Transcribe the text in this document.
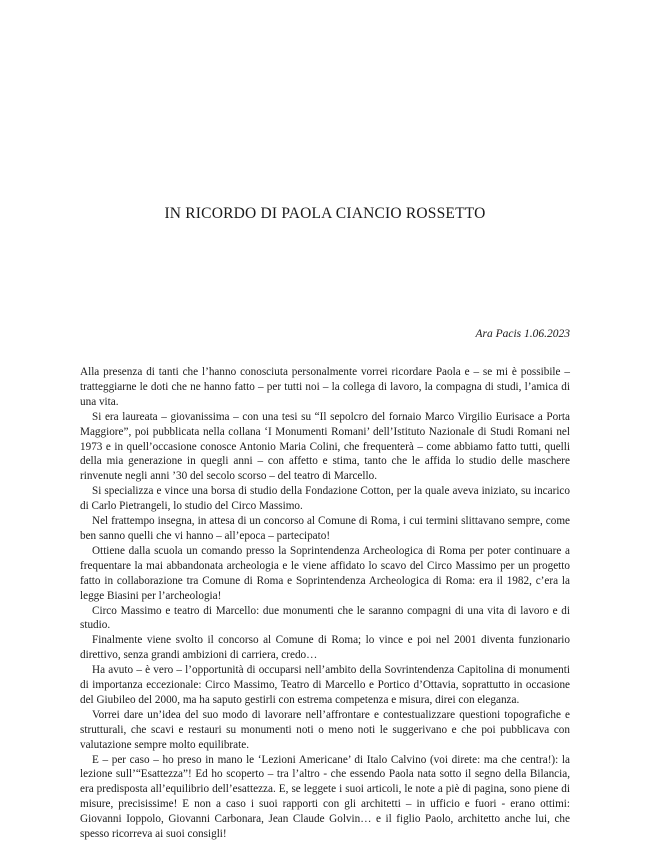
IN RICORDO DI PAOLA CIANCIO ROSSETTO

Ara Pacis 1.06.2023

Alla presenza di tanti che l’hanno conosciuta personalmente vorrei ricordare Paola e – se mi è possibile – tratteggiarne le doti che ne hanno fatto – per tutti noi – la collega di lavoro, la compagna di studi, l’amica di una vita.

Si era laureata – giovanissima – con una tesi su “Il sepolcro del fornaio Marco Virgilio Eurisace a Porta Maggiore”, poi pubblicata nella collana ‘I Monumenti Romani’ dell’Istituto Nazionale di Studi Romani nel 1973 e in quell’occasione conosce Antonio Maria Colini, che frequenterà – come abbiamo fatto tutti, quelli della mia generazione in quegli anni – con affetto e stima, tanto che le affida lo studio delle maschere rinvenute negli anni ’30 del secolo scorso – del teatro di Marcello.

Si specializza e vince una borsa di studio della Fondazione Cotton, per la quale aveva iniziato, su incarico di Carlo Pietrangeli, lo studio del Circo Massimo.

Nel frattempo insegna, in attesa di un concorso al Comune di Roma, i cui termini slittavano sempre, come ben sanno quelli che vi hanno – all’epoca – partecipato!

Ottiene dalla scuola un comando presso la Soprintendenza Archeologica di Roma per poter continuare a frequentare la mai abbandonata archeologia e le viene affidato lo scavo del Circo Massimo per un progetto fatto in collaborazione tra Comune di Roma e Soprintendenza Archeologica di Roma: era il 1982, c’era la legge Biasini per l’archeologia!

Circo Massimo e teatro di Marcello: due monumenti che le saranno compagni di una vita di lavoro e di studio.

Finalmente viene svolto il concorso al Comune di Roma; lo vince e poi nel 2001 diventa funzionario direttivo, senza grandi ambizioni di carriera, credo…

Ha avuto – è vero – l’opportunità di occuparsi nell’ambito della Sovrintendenza Capitolina di monumenti di importanza eccezionale: Circo Massimo, Teatro di Marcello e Portico d’Ottavia, soprattutto in occasione del Giubileo del 2000, ma ha saputo gestirli con estrema competenza e misura, direi con eleganza.

Vorrei dare un’idea del suo modo di lavorare nell’affrontare e contestualizzare questioni topografiche e strutturali, che scavi e restauri su monumenti noti o meno noti le suggerivano e che poi pubblicava con valutazione sempre molto equilibrate.

E – per caso – ho preso in mano le ‘Lezioni Americane’ di Italo Calvino (voi direte: ma che centra!): la lezione sull’“Esattezza”! Ed ho scoperto – tra l’altro - che essendo Paola nata sotto il segno della Bilancia, era predisposta all’equilibrio dell’esattezza. E, se leggete i suoi articoli, le note a piè di pagina, sono piene di misure, precisissime! E non a caso i suoi rapporti con gli architetti – in ufficio e fuori - erano ottimi: Giovanni Ioppolo, Giovanni Carbonara, Jean Claude Golvin… e il figlio Paolo, architetto anche lui, che spesso ricorreva ai suoi consigli!
